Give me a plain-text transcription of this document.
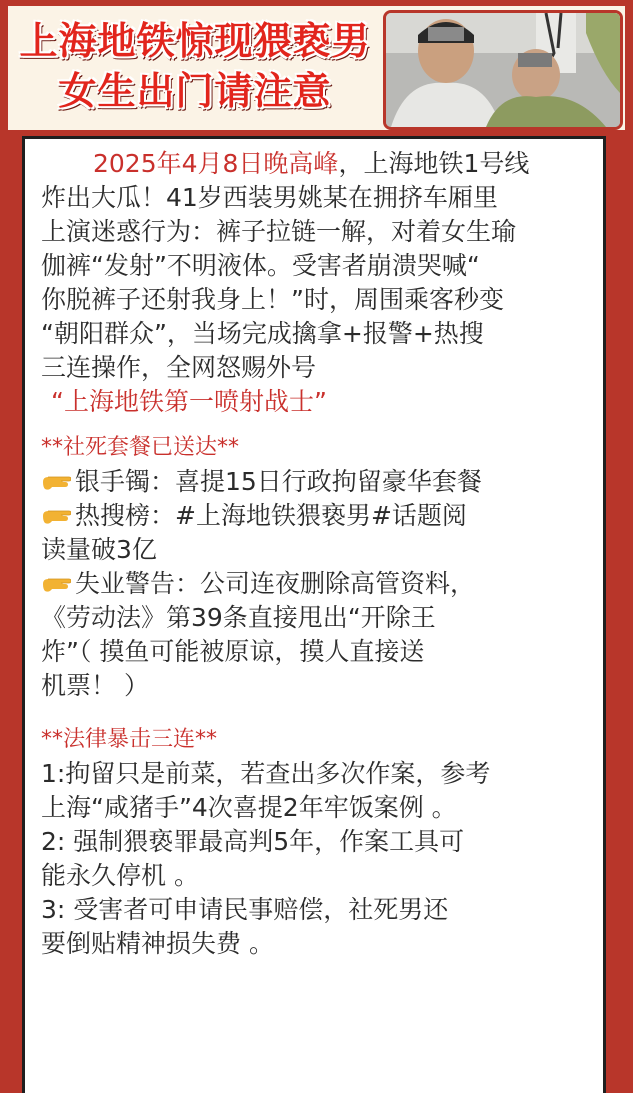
上海地铁惊现猥亵男
女生出门请注意

2025年4月8日晚高峰，上海地铁1号线

炸出大瓜！41岁西装男姚某在拥挤车厢里

上演迷惑行为：裤子拉链一解，对着女生瑜

伽裤“发射”不明液体。受害者崩溃哭喊“

你脱裤子还射我身上！”时，周围乘客秒变

“朝阳群众”，当场完成擒拿+报警+热搜

三连操作，全网怒赐外号

“上海地铁第一喷射战士”

**社死套餐已送达**

银手镯：喜提15日行政拘留豪华套餐

热搜榜：#上海地铁猥亵男#话题阅

读量破3亿

失业警告：公司连夜删除高管资料，

《劳动法》第39条直接甩出“开除王

炸”（ 摸鱼可能被原谅，摸人直接送

机票！ ）

**法律暴击三连**

1:拘留只是前菜，若查出多次作案，参考

上海“咸猪手”4次喜提2年牢饭案例 。

2: 强制猥亵罪最高判5年，作案工具可

能永久停机 。

3: 受害者可申请民事赔偿，社死男还

要倒贴精神损失费 。
